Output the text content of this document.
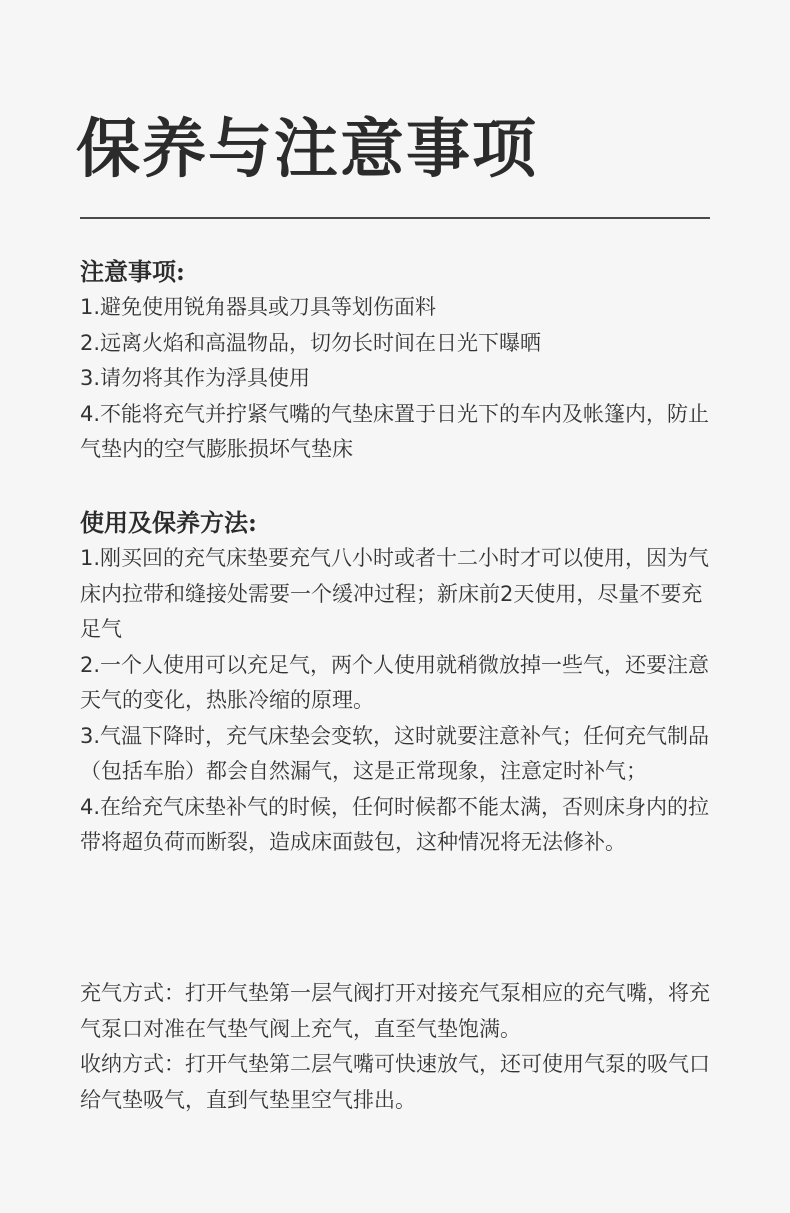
保养与注意事项
注意事项:

1.避免使用锐角器具或刀具等划伤面料

2.远离火焰和高温物品，切勿长时间在日光下曝晒

3.请勿将其作为浮具使用

4.不能将充气并拧紧气嘴的气垫床置于日光下的车内及帐篷内，防止气垫内的空气膨胀损坏气垫床

使用及保养方法:

1.刚买回的充气床垫要充气八小时或者十二小时才可以使用，因为气床内拉带和缝接处需要一个缓冲过程；新床前2天使用，尽量不要充足气

2.一个人使用可以充足气，两个人使用就稍微放掉一些气，还要注意天气的变化，热胀冷缩的原理。

3.气温下降时，充气床垫会变软，这时就要注意补气；任何充气制品（包括车胎）都会自然漏气，这是正常现象，注意定时补气；

4.在给充气床垫补气的时候，任何时候都不能太满，否则床身内的拉带将超负荷而断裂，造成床面鼓包，这种情况将无法修补。

充气方式：打开气垫第一层气阀打开对接充气泵相应的充气嘴，将充气泵口对准在气垫气阀上充气，直至气垫饱满。

收纳方式：打开气垫第二层气嘴可快速放气，还可使用气泵的吸气口给气垫吸气，直到气垫里空气排出。
